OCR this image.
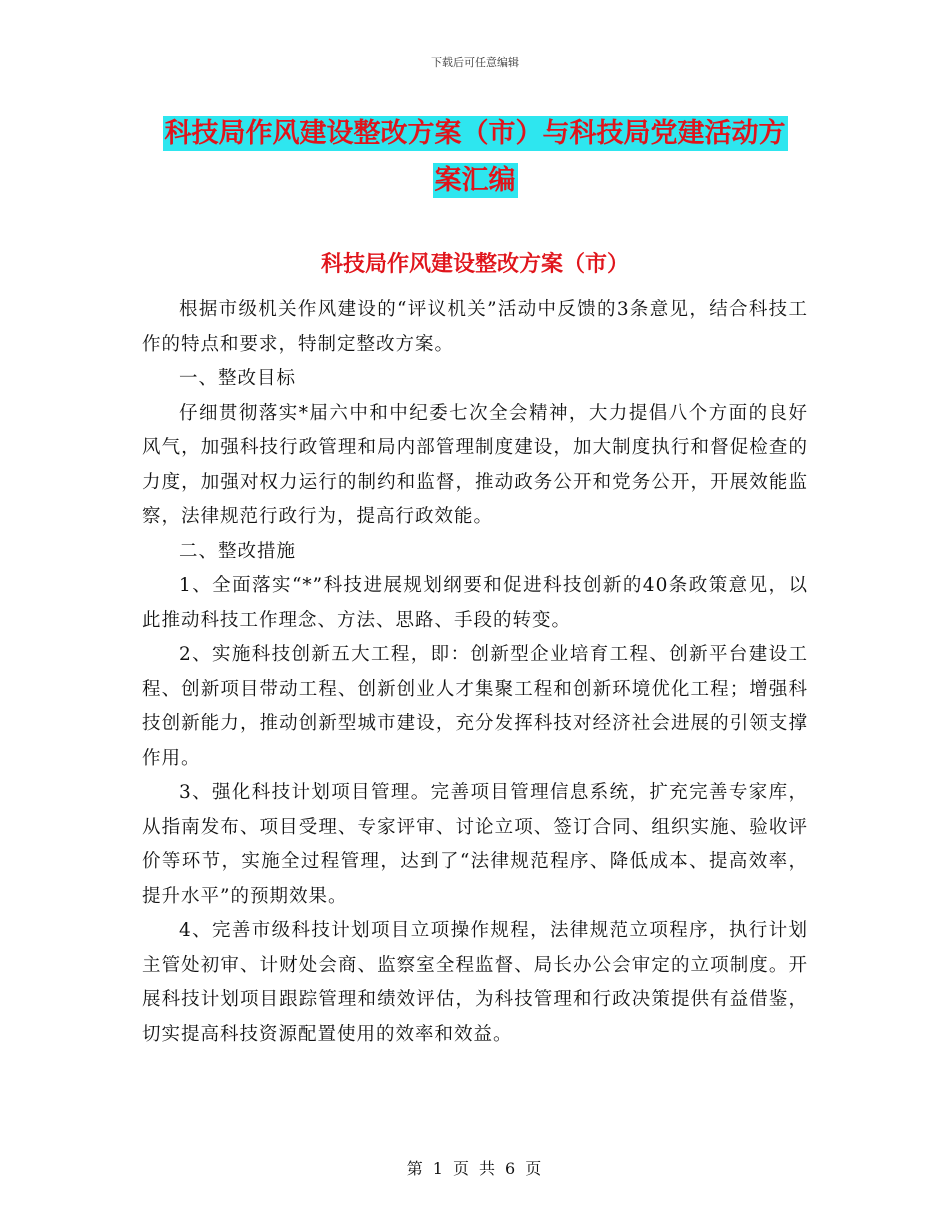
下载后可任意编辑
科技局作风建设整改方案（市）与科技局党建活动方
案汇编
科技局作风建设整改方案（市）

根据市级机关作风建设的“评议机关”活动中反馈的3条意见，结合科技工作的特点和要求，特制定整改方案。

一、整改目标

仔细贯彻落实*届六中和中纪委七次全会精神，大力提倡八个方面的良好风气，加强科技行政管理和局内部管理制度建设，加大制度执行和督促检查的力度，加强对权力运行的制约和监督，推动政务公开和党务公开，开展效能监察，法律规范行政行为，提高行政效能。

二、整改措施

1、全面落实“*”科技进展规划纲要和促进科技创新的40条政策意见，以此推动科技工作理念、方法、思路、手段的转变。

2、实施科技创新五大工程，即：创新型企业培育工程、创新平台建设工程、创新项目带动工程、创新创业人才集聚工程和创新环境优化工程；增强科技创新能力，推动创新型城市建设，充分发挥科技对经济社会进展的引领支撑作用。

3、强化科技计划项目管理。完善项目管理信息系统，扩充完善专家库，从指南发布、项目受理、专家评审、讨论立项、签订合同、组织实施、验收评价等环节，实施全过程管理，达到了“法律规范程序、降低成本、提高效率，提升水平”的预期效果。

4、完善市级科技计划项目立项操作规程，法律规范立项程序，执行计划主管处初审、计财处会商、监察室全程监督、局长办公会审定的立项制度。开展科技计划项目跟踪管理和绩效评估，为科技管理和行政决策提供有益借鉴，切实提高科技资源配置使用的效率和效益。

第 1 页 共 6 页
